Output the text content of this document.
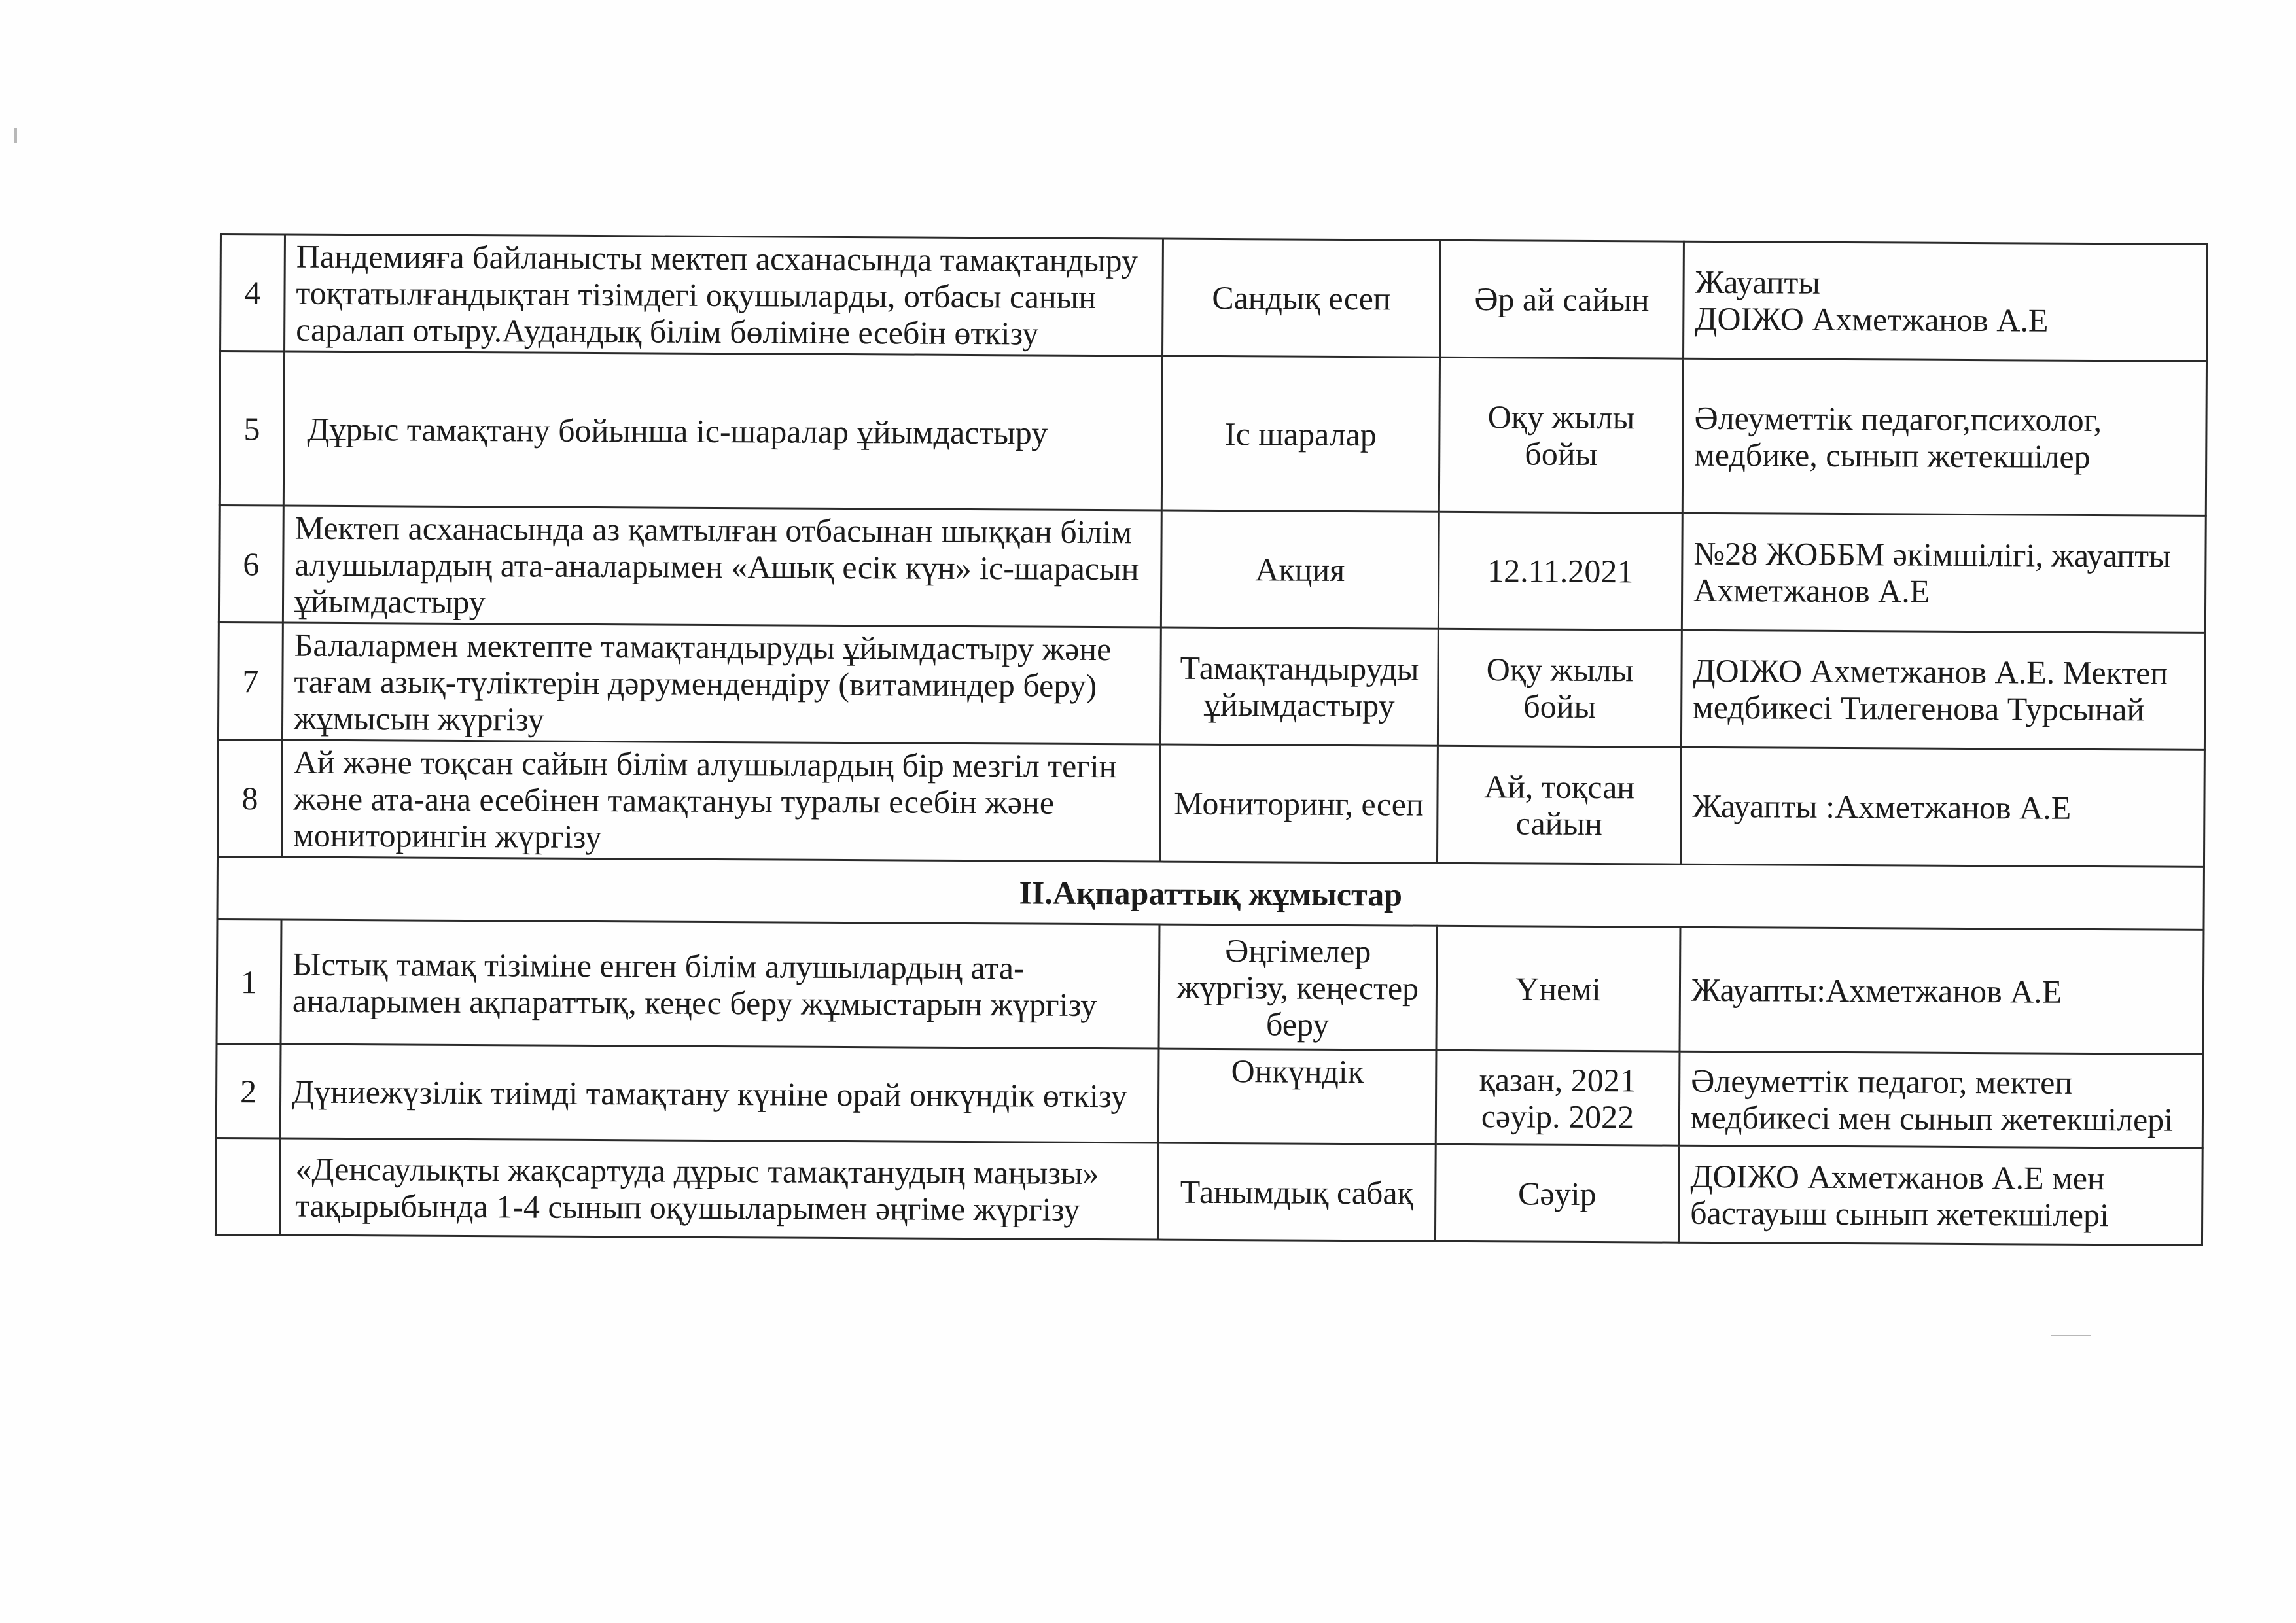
4	Пандемияға байланысты мектеп асханасында тамақтандыру тоқтатылғандықтан тізімдегі оқушыларды, отбасы санын саралап отыру.Аудандық білім бөліміне есебін өткізу	Сандық есеп	Әр ай сайын	Жауапты
ДОІЖО Ахметжанов А.Е
5	Дұрыс тамақтану бойынша іс-шаралар ұйымдастыру	Іс шаралар	Оқу жылы бойы	Әлеуметтік педагог,психолог, медбике, сынып жетекшілер
6	Мектеп асханасында аз қамтылған отбасынан шыққан білім алушылардың ата-аналарымен «Ашық есік күн» іс-шарасын ұйымдастыру	Акция	12.11.2021	№28 ЖОББМ әкімшілігі, жауапты Ахметжанов А.Е
7	Балалармен мектепте тамақтандыруды ұйымдастыру және тағам азық-түліктерін дәрумендендіру (витаминдер беру) жұмысын жүргізу	Тамақтандыруды ұйымдастыру	Оқу жылы бойы	ДОІЖО Ахметжанов А.Е. Мектеп медбикесі Тилегенова Турсынай
8	Ай және тоқсан сайын білім алушылардың бір мезгіл тегін және ата-ана есебінен тамақтануы туралы есебін және мониторингін жүргізу	Мониторинг, есеп	Ай, тоқсан сайын	Жауапты :Ахметжанов А.Е
II.Ақпараттық жұмыстар				
1	Ыстық тамақ тізіміне енген білім алушылардың ата-аналарымен ақпараттық, кеңес беру жұмыстарын жүргізу	Әңгімелер жүргізу, кеңестер беру	Үнемі	Жауапты:Ахметжанов А.Е
2	Дүниежүзілік тиімді тамақтану күніне орай онкүндік өткізу	Онкүндік	қазан, 2021 сәуір. 2022	Әлеуметтік педагог, мектеп медбикесі мен сынып жетекшілері
	«Денсаулықты жақсартуда дұрыс тамақтанудың маңызы» тақырыбында 1-4 сынып оқушыларымен әңгіме жүргізу	Танымдық сабақ	Сәуір	ДОІЖО Ахметжанов А.Е мен бастауыш сынып жетекшілері
